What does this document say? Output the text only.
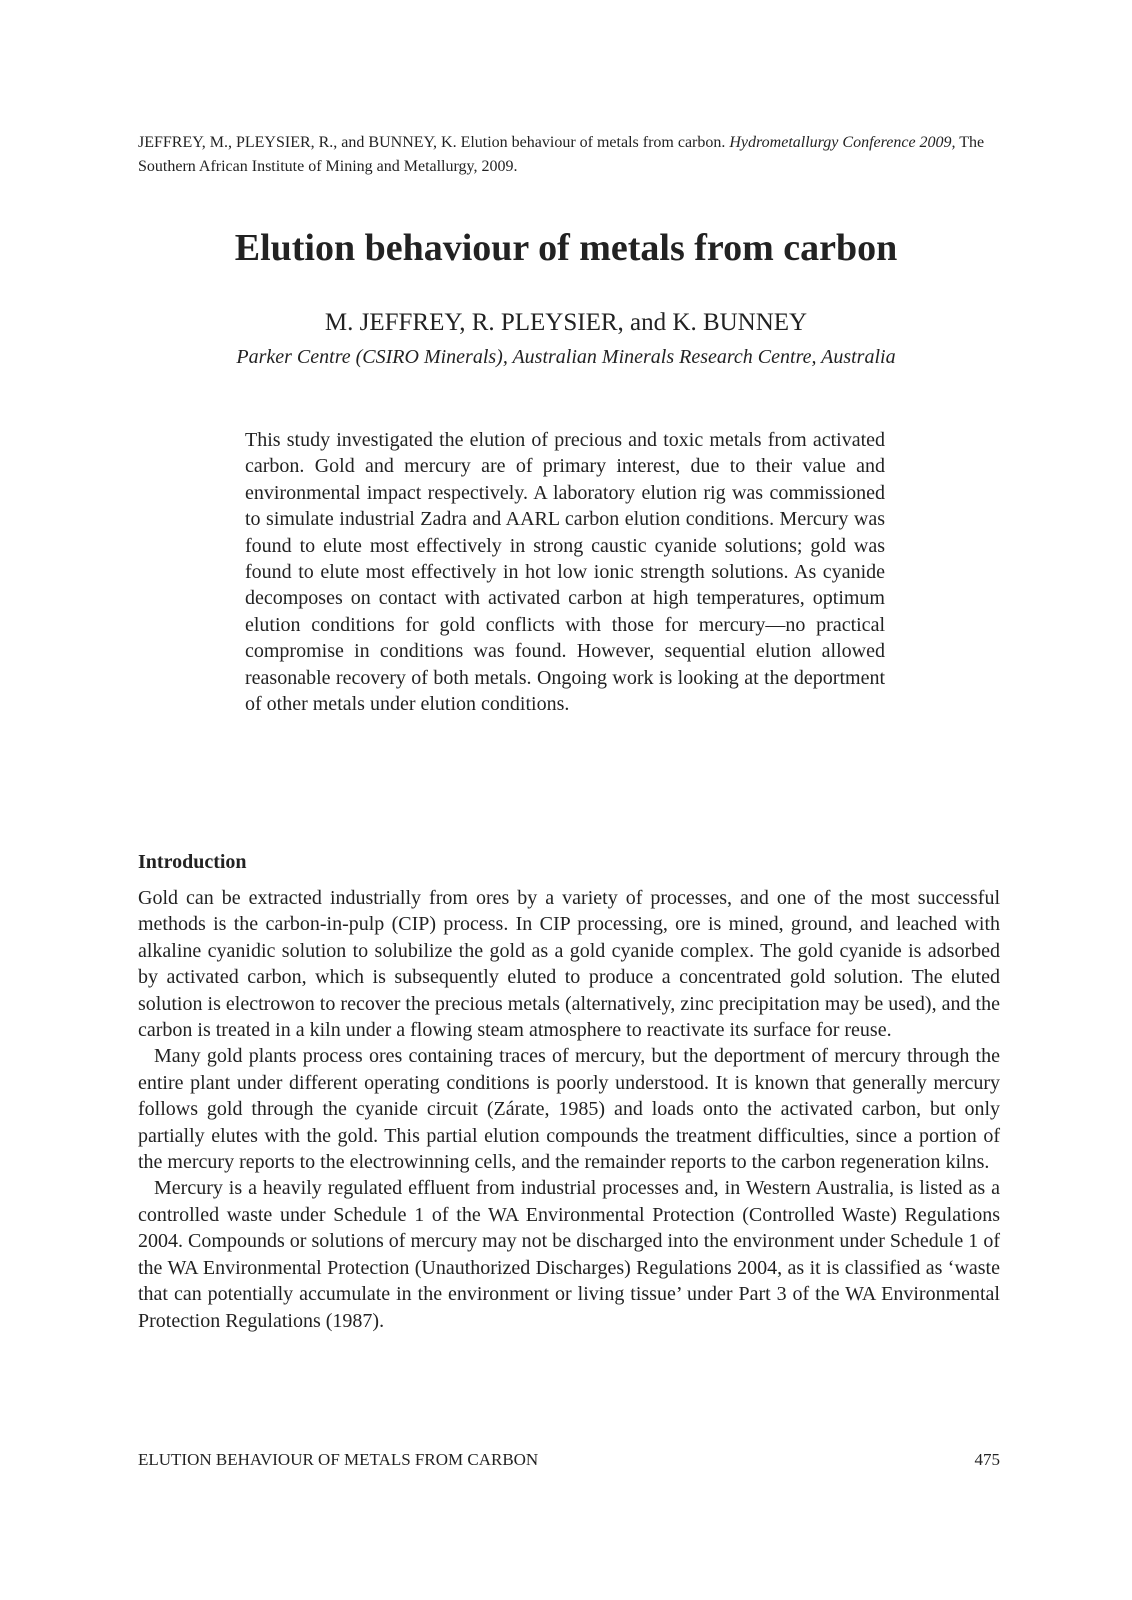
JEFFREY, M., PLEYSIER, R., and BUNNEY, K. Elution behaviour of metals from carbon. Hydrometallurgy Conference 2009, The Southern African Institute of Mining and Metallurgy, 2009.

Elution behaviour of metals from carbon

M. JEFFREY, R. PLEYSIER, and K. BUNNEY

Parker Centre (CSIRO Minerals), Australian Minerals Research Centre, Australia

This study investigated the elution of precious and toxic metals from activated carbon. Gold and mercury are of primary interest, due to their value and environmental impact respectively. A laboratory elution rig was commissioned to simulate industrial Zadra and AARL carbon elution conditions. Mercury was found to elute most effectively in strong caustic cyanide solutions; gold was found to elute most effectively in hot low ionic strength solutions. As cyanide decomposes on contact with activated carbon at high temperatures, optimum elution conditions for gold conflicts with those for mercury—no practical compromise in conditions was found. However, sequential elution allowed reasonable recovery of both metals. Ongoing work is looking at the deportment of other metals under elution conditions.

Introduction

Gold can be extracted industrially from ores by a variety of processes, and one of the most successful methods is the carbon-in-pulp (CIP) process. In CIP processing, ore is mined, ground, and leached with alkaline cyanidic solution to solubilize the gold as a gold cyanide complex. The gold cyanide is adsorbed by activated carbon, which is subsequently eluted to produce a concentrated gold solution. The eluted solution is electrowon to recover the precious metals (alternatively, zinc precipitation may be used), and the carbon is treated in a kiln under a flowing steam atmosphere to reactivate its surface for reuse.

Many gold plants process ores containing traces of mercury, but the deportment of mercury through the entire plant under different operating conditions is poorly understood. It is known that generally mercury follows gold through the cyanide circuit (Zárate, 1985) and loads onto the activated carbon, but only partially elutes with the gold. This partial elution compounds the treatment difficulties, since a portion of the mercury reports to the electrowinning cells, and the remainder reports to the carbon regeneration kilns.

Mercury is a heavily regulated effluent from industrial processes and, in Western Australia, is listed as a controlled waste under Schedule 1 of the WA Environmental Protection (Controlled Waste) Regulations 2004. Compounds or solutions of mercury may not be discharged into the environment under Schedule 1 of the WA Environmental Protection (Unauthorized Discharges) Regulations 2004, as it is classified as ‘waste that can potentially accumulate in the environment or living tissue’ under Part 3 of the WA Environmental Protection Regulations (1987).

ELUTION BEHAVIOUR OF METALS FROM CARBON	475
